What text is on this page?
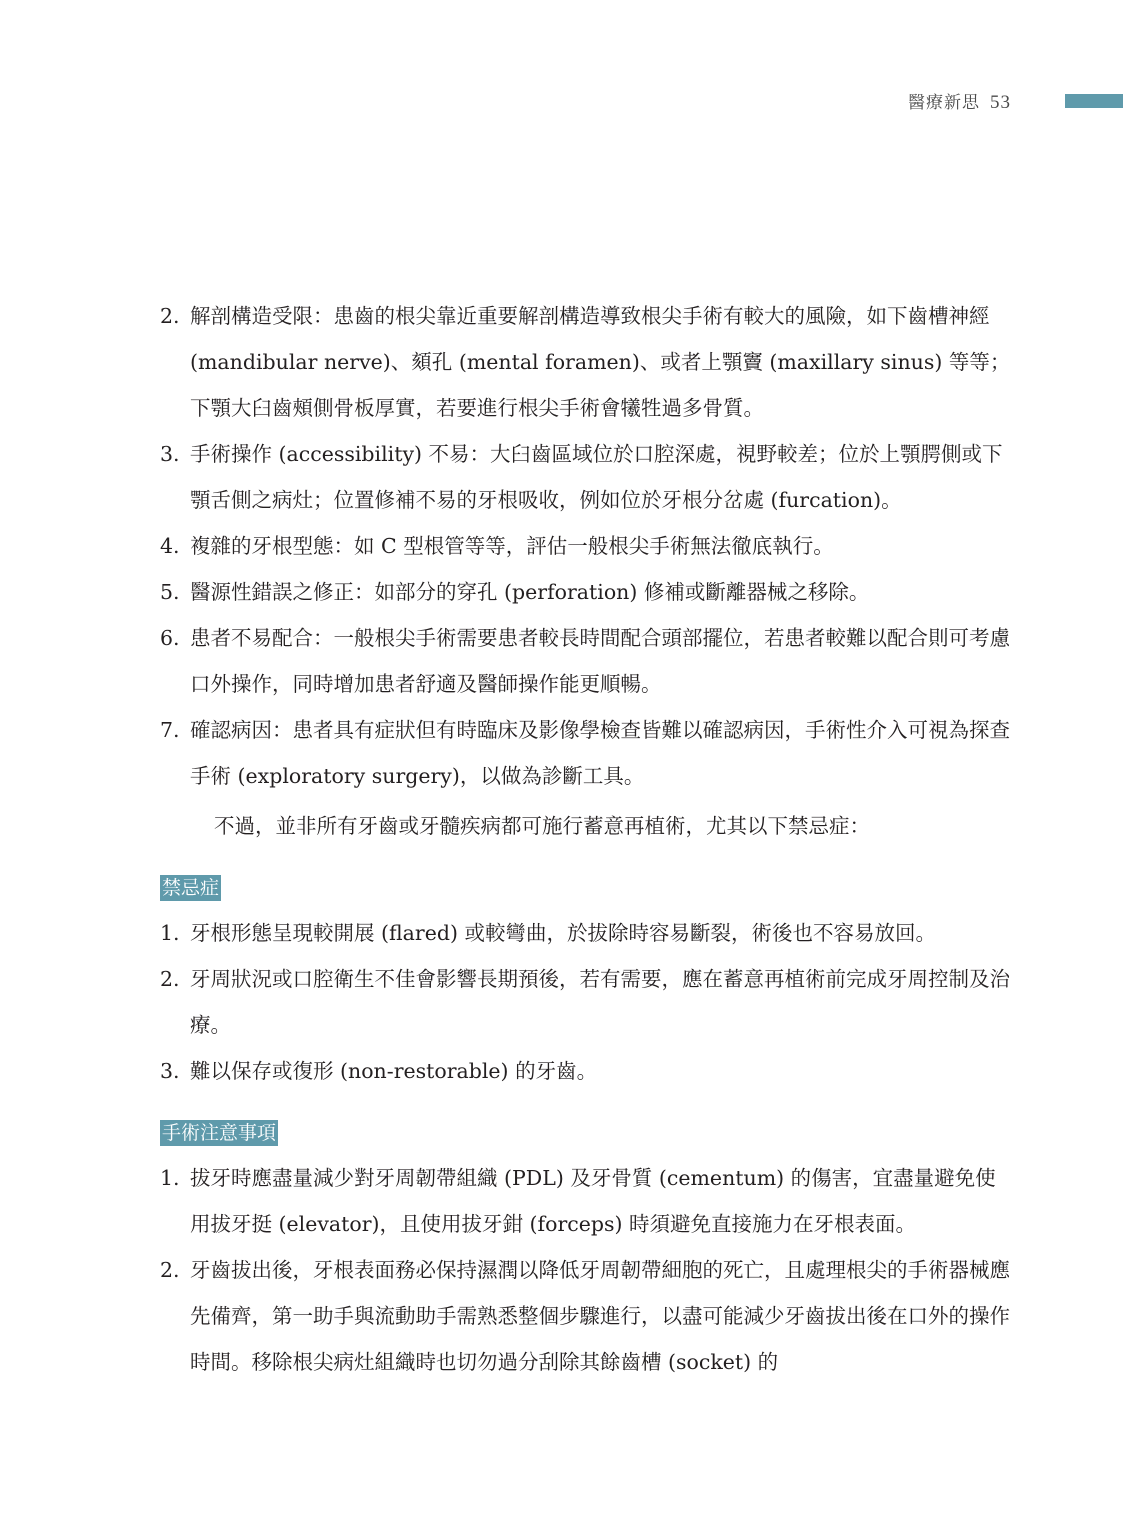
醫療新思 53
2. 解剖構造受限：患齒的根尖靠近重要解剖構造導致根尖手術有較大的風險，如下齒槽神經 (mandibular nerve)、頦孔 (mental foramen)、或者上顎竇 (maxillary sinus) 等等；下顎大臼齒頰側骨板厚實，若要進行根尖手術會犧牲過多骨質。
3. 手術操作 (accessibility) 不易：大臼齒區域位於口腔深處，視野較差；位於上顎腭側或下顎舌側之病灶；位置修補不易的牙根吸收，例如位於牙根分岔處 (furcation)。
4. 複雜的牙根型態：如 C 型根管等等，評估一般根尖手術無法徹底執行。
5. 醫源性錯誤之修正：如部分的穿孔 (perforation) 修補或斷離器械之移除。
6. 患者不易配合：一般根尖手術需要患者較長時間配合頭部擺位，若患者較難以配合則可考慮口外操作，同時增加患者舒適及醫師操作能更順暢。
7. 確認病因：患者具有症狀但有時臨床及影像學檢查皆難以確認病因，手術性介入可視為探查手術 (exploratory surgery)，以做為診斷工具。
不過，並非所有牙齒或牙髓疾病都可施行蓄意再植術，尤其以下禁忌症：
禁忌症
1. 牙根形態呈現較開展 (flared) 或較彎曲，於拔除時容易斷裂，術後也不容易放回。
2. 牙周狀況或口腔衛生不佳會影響長期預後，若有需要，應在蓄意再植術前完成牙周控制及治療。
3. 難以保存或復形 (non-restorable) 的牙齒。
手術注意事項
1. 拔牙時應盡量減少對牙周韌帶組織 (PDL) 及牙骨質 (cementum) 的傷害，宜盡量避免使用拔牙挺 (elevator)，且使用拔牙鉗 (forceps) 時須避免直接施力在牙根表面。
2. 牙齒拔出後，牙根表面務必保持濕潤以降低牙周韌帶細胞的死亡，且處理根尖的手術器械應先備齊，第一助手與流動助手需熟悉整個步驟進行，以盡可能減少牙齒拔出後在口外的操作時間。移除根尖病灶組織時也切勿過分刮除其餘齒槽 (socket) 的
